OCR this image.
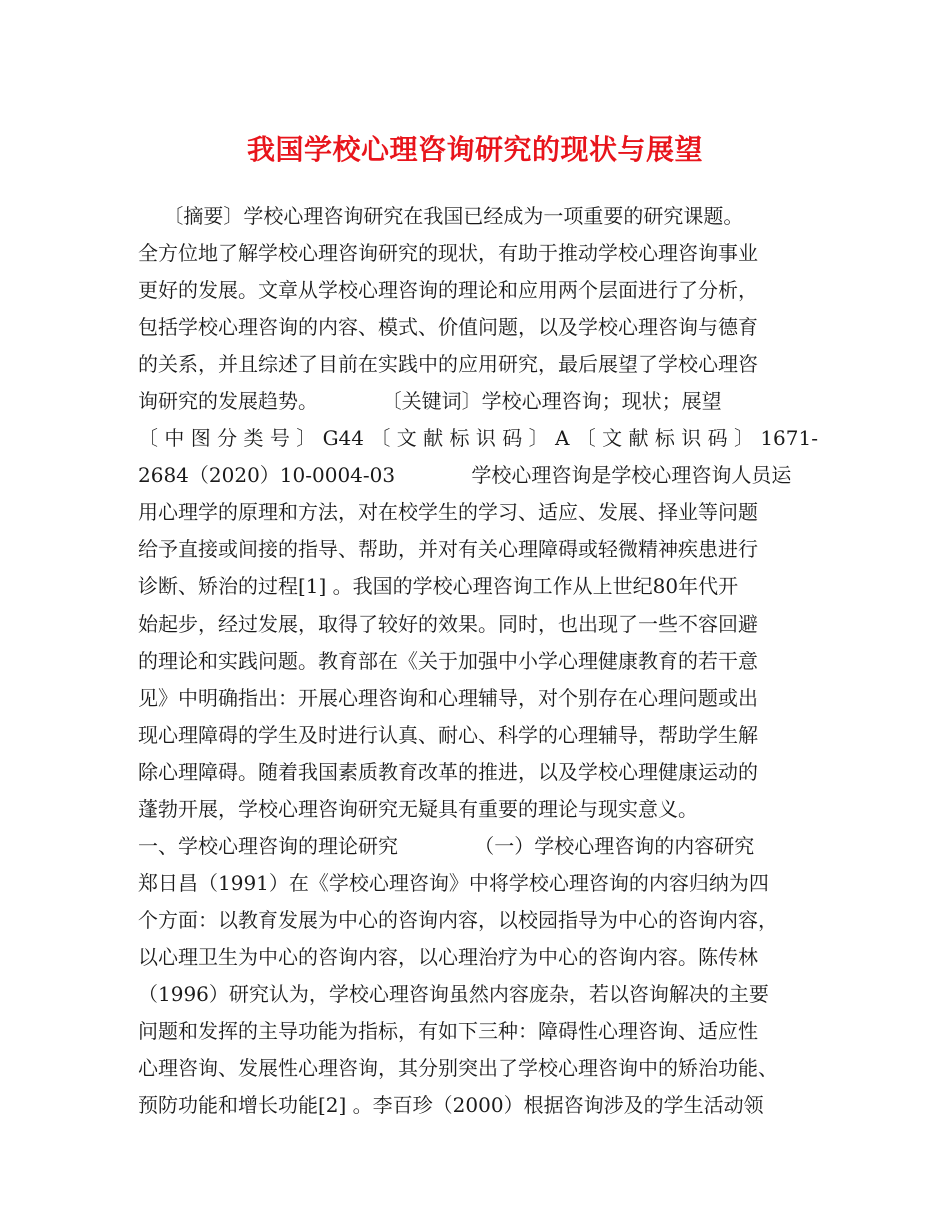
我国学校心理咨询研究的现状与展望
〔摘要〕学校心理咨询研究在我国已经成为一项重要的研究课题。
全方位地了解学校心理咨询研究的现状，有助于推动学校心理咨询事业
更好的发展。文章从学校心理咨询的理论和应用两个层面进行了分析，
包括学校心理咨询的内容、模式、价值问题，以及学校心理咨询与德育
的关系，并且综述了目前在实践中的应用研究，最后展望了学校心理咨
询研究的发展趋势。          〔关键词〕学校心理咨询；现状；展望
〔中图分类号〕G44〔文献标识码〕A〔文献标识码〕1671-
2684（2020）10-0004-03            学校心理咨询是学校心理咨询人员运
用心理学的原理和方法，对在校学生的学习、适应、发展、择业等问题
给予直接或间接的指导、帮助，并对有关心理障碍或轻微精神疾患进行
诊断、矫治的过程[1] 。我国的学校心理咨询工作从上世纪80年代开
始起步，经过发展，取得了较好的效果。同时，也出现了一些不容回避
的理论和实践问题。教育部在《关于加强中小学心理健康教育的若干意
见》中明确指出：开展心理咨询和心理辅导，对个别存在心理问题或出
现心理障碍的学生及时进行认真、耐心、科学的心理辅导，帮助学生解
除心理障碍。随着我国素质教育改革的推进，以及学校心理健康运动的
蓬勃开展，学校心理咨询研究无疑具有重要的理论与现实意义。
一、学校心理咨询的理论研究            （一）学校心理咨询的内容研究
郑日昌（1991）在《学校心理咨询》中将学校心理咨询的内容归纳为四
个方面：以教育发展为中心的咨询内容，以校园指导为中心的咨询内容，
以心理卫生为中心的咨询内容，以心理治疗为中心的咨询内容。陈传林
（1996）研究认为，学校心理咨询虽然内容庞杂，若以咨询解决的主要
问题和发挥的主导功能为指标，有如下三种：障碍性心理咨询、适应性
心理咨询、发展性心理咨询，其分别突出了学校心理咨询中的矫治功能、
预防功能和增长功能[2] 。李百珍（2000）根据咨询涉及的学生活动领
